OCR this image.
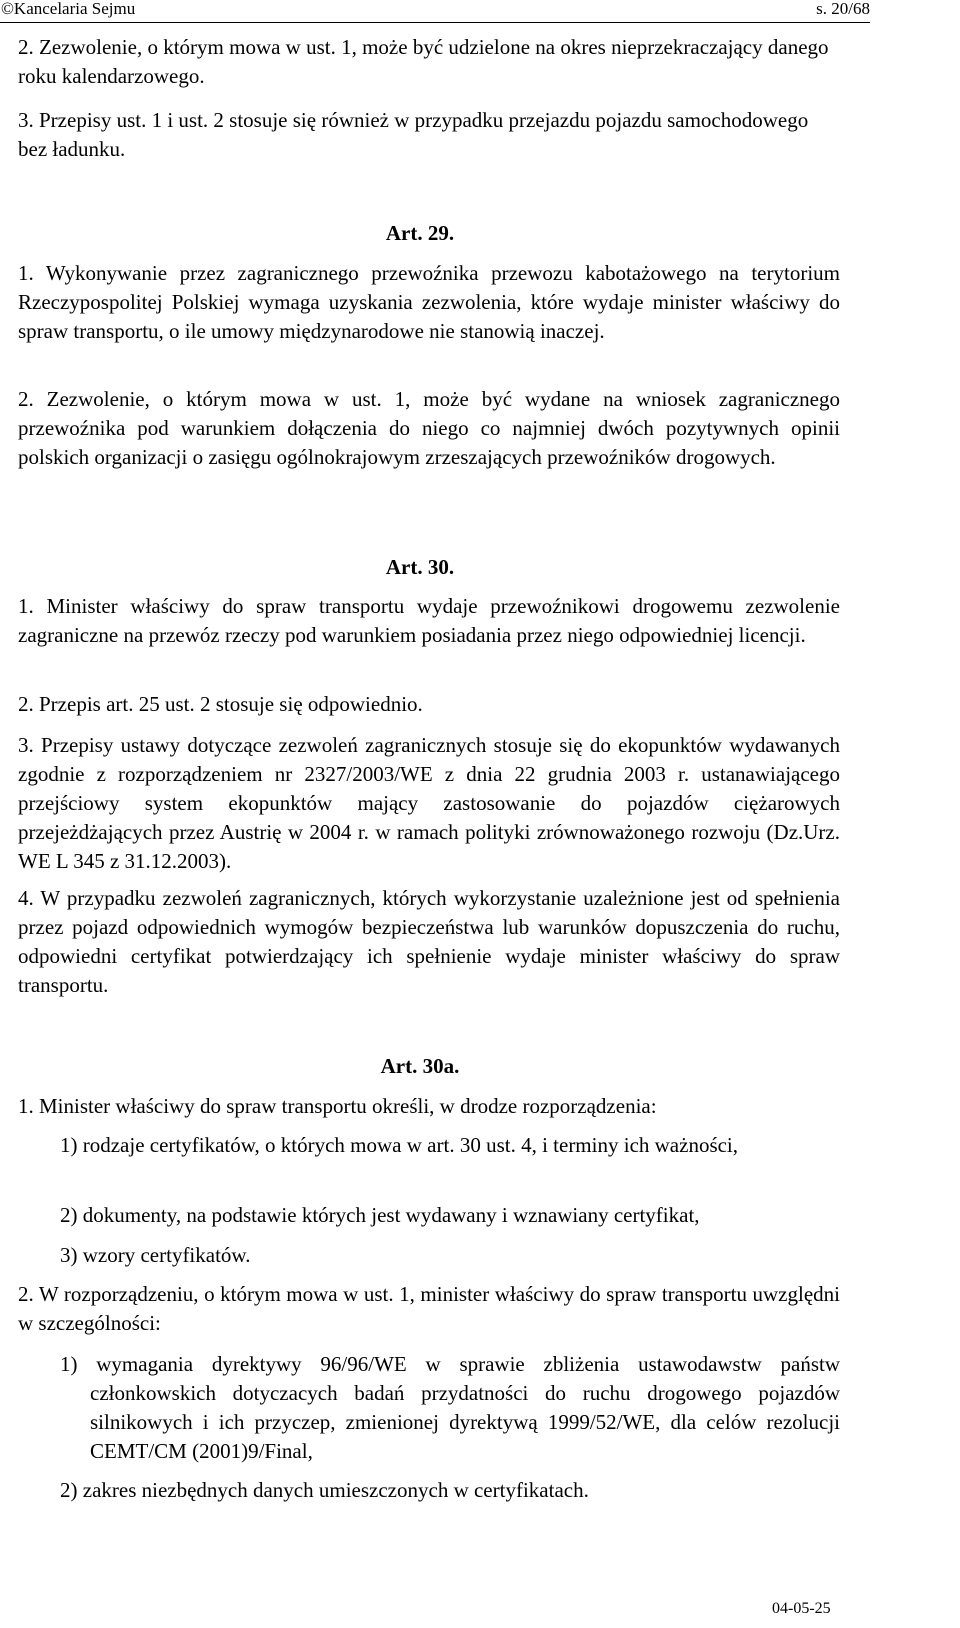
©Kancelaria Sejmu	s. 20/68

2. Zezwolenie, o którym mowa w ust. 1, może być udzielone na okres nieprzekraczający danego roku kalendarzowego.

3. Przepisy ust. 1 i ust. 2 stosuje się również w przypadku przejazdu pojazdu samochodowego bez ładunku.

Art. 29.

1. Wykonywanie przez zagranicznego przewoźnika przewozu kabotażowego na terytorium Rzeczypospolitej Polskiej wymaga uzyskania zezwolenia, które wydaje minister właściwy do spraw transportu, o ile umowy międzynarodowe nie stanowią inaczej.

2. Zezwolenie, o którym mowa w ust. 1, może być wydane na wniosek zagranicznego przewoźnika pod warunkiem dołączenia do niego co najmniej dwóch pozytywnych opinii polskich organizacji o zasięgu ogólnokrajowym zrzeszających przewoźników drogowych.

Art. 30.

1. Minister właściwy do spraw transportu wydaje przewoźnikowi drogowemu zezwolenie zagraniczne na przewóz rzeczy pod warunkiem posiadania przez niego odpowiedniej licencji.

2. Przepis art. 25 ust. 2 stosuje się odpowiednio.

3. Przepisy ustawy dotyczące zezwoleń zagranicznych stosuje się do ekopunktów wydawanych zgodnie z rozporządzeniem nr 2327/2003/WE z dnia 22 grudnia 2003 r. ustanawiającego przejściowy system ekopunktów mający zastosowanie do pojazdów ciężarowych przejeżdżających przez Austrię w 2004 r. w ramach polityki zrównoważonego rozwoju (Dz.Urz. WE L 345 z 31.12.2003).

4. W przypadku zezwoleń zagranicznych, których wykorzystanie uzależnione jest od spełnienia przez pojazd odpowiednich wymogów bezpieczeństwa lub warunków dopuszczenia do ruchu, odpowiedni certyfikat potwierdzający ich spełnienie wydaje minister właściwy do spraw transportu.

Art. 30a.

1. Minister właściwy do spraw transportu określi, w drodze rozporządzenia:

1) rodzaje certyfikatów, o których mowa w art. 30 ust. 4, i terminy ich ważności,

2) dokumenty, na podstawie których jest wydawany i wznawiany certyfikat,

3) wzory certyfikatów.

2. W rozporządzeniu, o którym mowa w ust. 1, minister właściwy do spraw transportu uwzględni w szczególności:

1) wymagania dyrektywy 96/96/WE w sprawie zbliżenia ustawodawstw państw członkowskich dotyczacych badań przydatności do ruchu drogowego pojazdów silnikowych i ich przyczep, zmienionej dyrektywą 1999/52/WE, dla celów rezolucji CEMT/CM (2001)9/Final,

2) zakres niezbędnych danych umieszczonych w certyfikatach.

04-05-25
